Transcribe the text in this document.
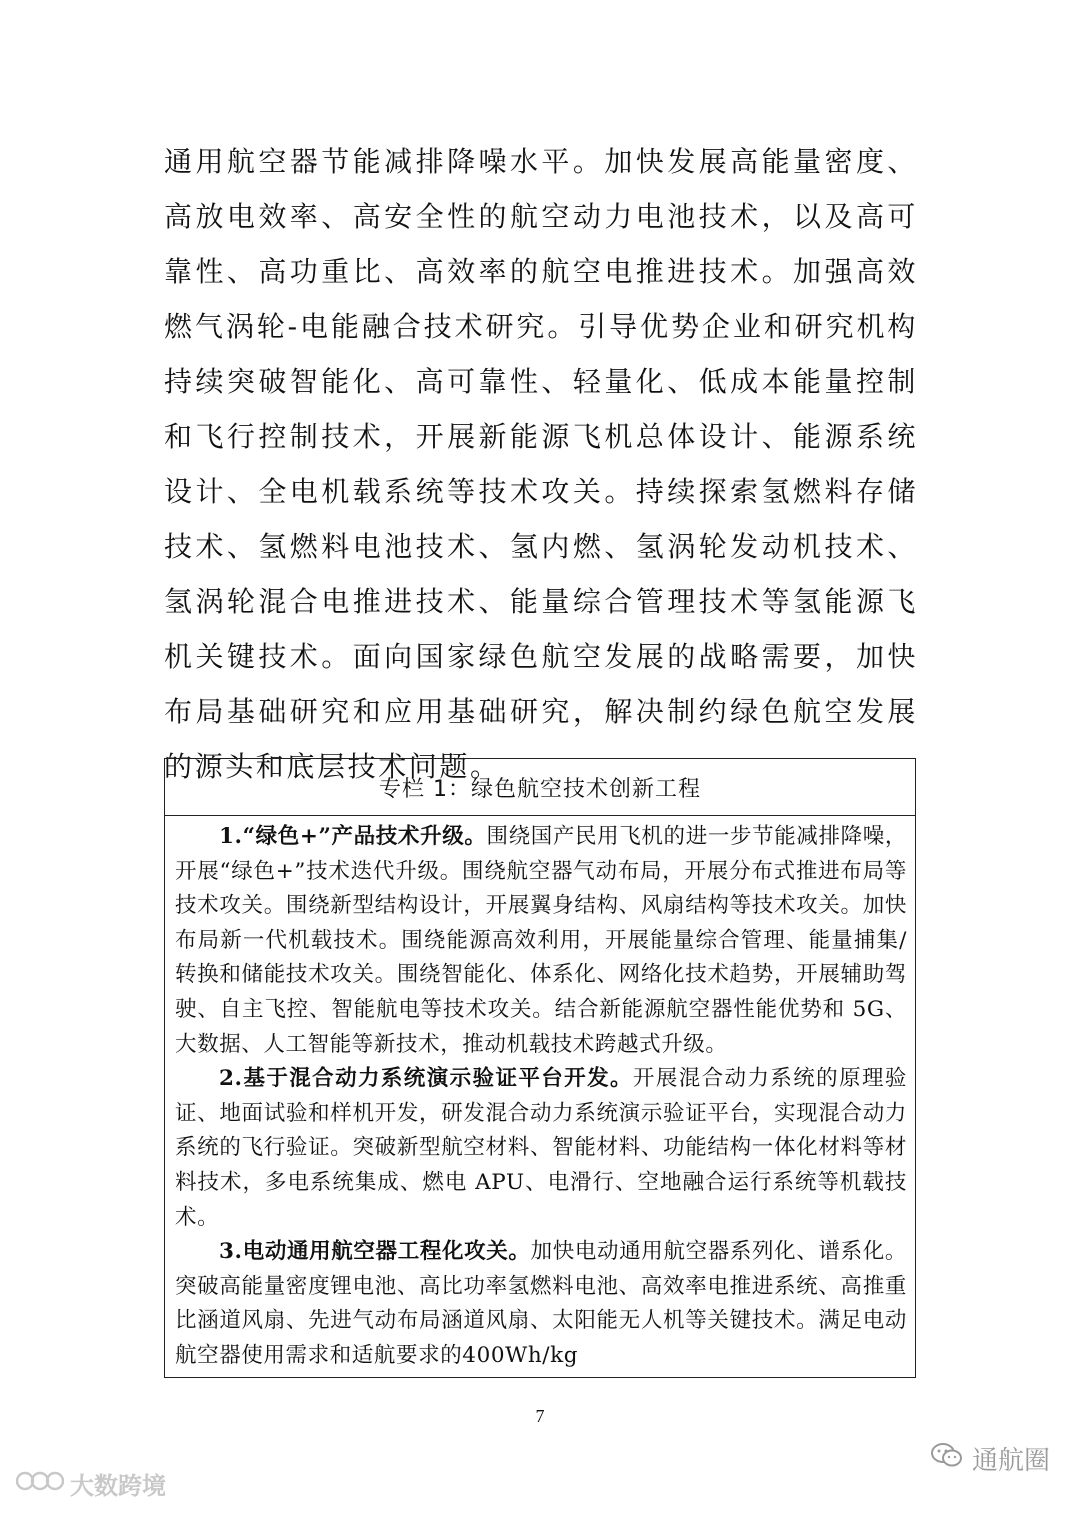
通用航空器节能减排降噪水平。加快发展高能量密度、高放电效率、高安全性的航空动力电池技术，以及高可靠性、高功重比、高效率的航空电推进技术。加强高效燃气涡轮-电能融合技术研究。引导优势企业和研究机构持续突破智能化、高可靠性、轻量化、低成本能量控制和飞行控制技术，开展新能源飞机总体设计、能源系统设计、全电机载系统等技术攻关。持续探索氢燃料存储技术、氢燃料电池技术、氢内燃、氢涡轮发动机技术、氢涡轮混合电推进技术、能量综合管理技术等氢能源飞机关键技术。面向国家绿色航空发展的战略需要，加快布局基础研究和应用基础研究，解决制约绿色航空发展的源头和底层技术问题。

专栏 1：绿色航空技术创新工程

1.“绿色+”产品技术升级。围绕国产民用飞机的进一步节能减排降噪，开展“绿色+”技术迭代升级。围绕航空器气动布局，开展分布式推进布局等技术攻关。围绕新型结构设计，开展翼身结构、风扇结构等技术攻关。加快布局新一代机载技术。围绕能源高效利用，开展能量综合管理、能量捕集/转换和储能技术攻关。围绕智能化、体系化、网络化技术趋势，开展辅助驾驶、自主飞控、智能航电等技术攻关。结合新能源航空器性能优势和 5G、大数据、人工智能等新技术，推动机载技术跨越式升级。

2.基于混合动力系统演示验证平台开发。开展混合动力系统的原理验证、地面试验和样机开发，研发混合动力系统演示验证平台，实现混合动力系统的飞行验证。突破新型航空材料、智能材料、功能结构一体化材料等材料技术，多电系统集成、燃电 APU、电滑行、空地融合运行系统等机载技术。

3.电动通用航空器工程化攻关。加快电动通用航空器系列化、谱系化。突破高能量密度锂电池、高比功率氢燃料电池、高效率电推进系统、高推重比涵道风扇、先进气动布局涵道风扇、太阳能无人机等关键技术。满足电动航空器使用需求和适航要求的400Wh/kg

7
大数跨境
通航圈
